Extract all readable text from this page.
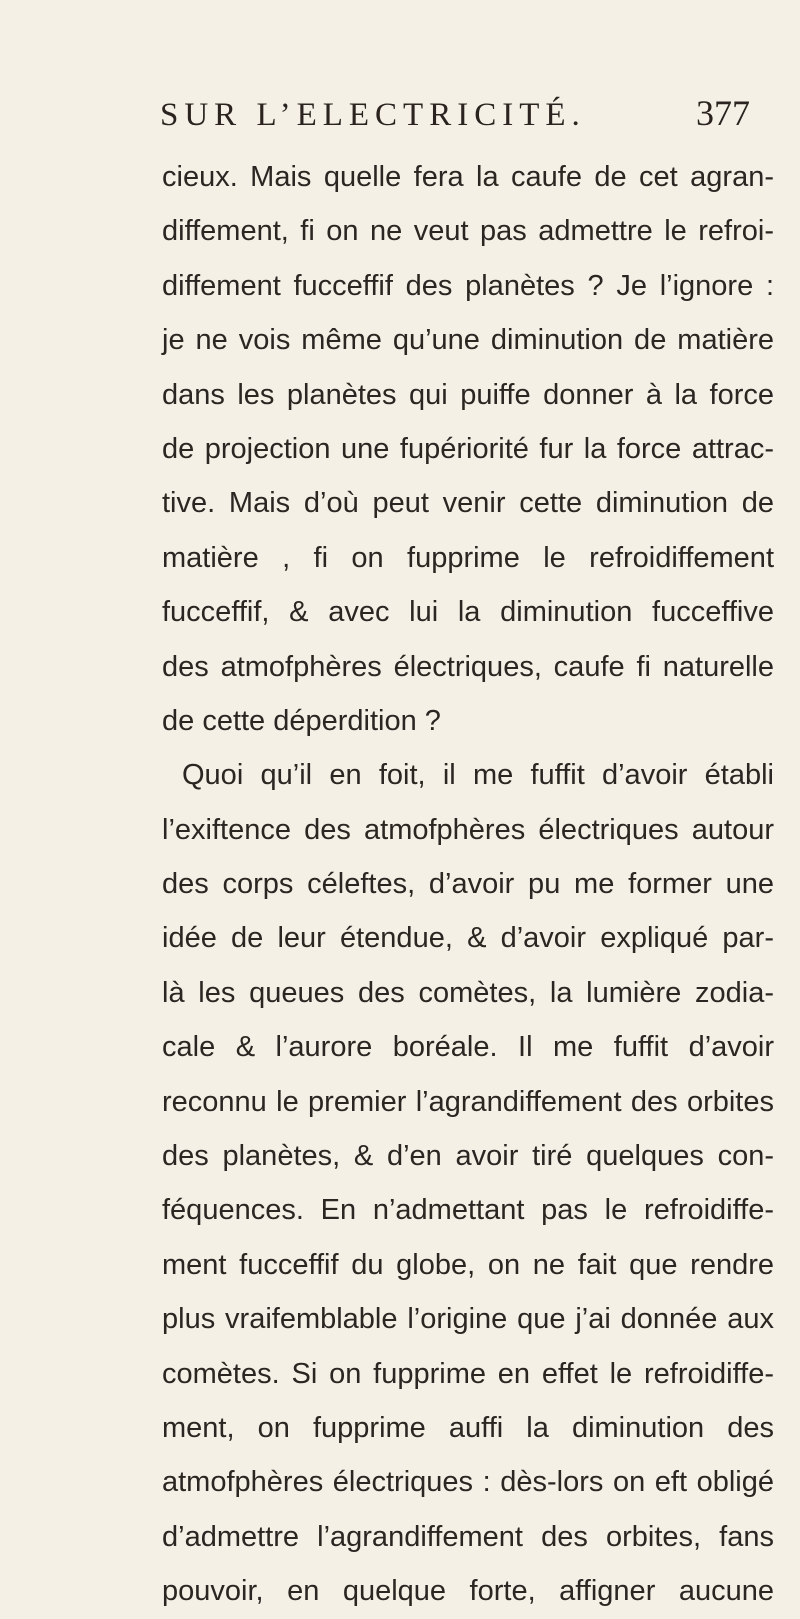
SUR L’ELECTRICITÉ.	377
cieux. Mais quelle fera la caufe de cet agran-
diffement, fi on ne veut pas admettre le refroi-
diffement fucceffif des planètes ? Je l’ignore :
je ne vois même qu’une diminution de matière
dans les planètes qui puiffe donner à la force
de projection une fupériorité fur la force attrac-
tive. Mais d’où peut venir cette diminution de
matière , fi on fupprime le refroidiffement
fucceffif, & avec lui la diminution fucceffive
des atmofphères électriques, caufe fi naturelle
de cette déperdition ?
Quoi qu’il en foit, il me fuffit d’avoir établi
l’exiftence des atmofphères électriques autour
des corps céleftes, d’avoir pu me former une
idée de leur étendue, & d’avoir expliqué par-
là les queues des comètes, la lumière zodia-
cale & l’aurore boréale. Il me fuffit d’avoir
reconnu le premier l’agrandiffement des orbites
des planètes, & d’en avoir tiré quelques con-
féquences. En n’admettant pas le refroidiffe-
ment fucceffif du globe, on ne fait que rendre
plus vraifemblable l’origine que j’ai donnée aux
comètes. Si on fupprime en effet le refroidiffe-
ment, on fupprime auffi la diminution des
atmofphères électriques : dès-lors on eft obligé
d’admettre l’agrandiffement des orbites, fans
pouvoir, en quelque forte, affigner aucune
